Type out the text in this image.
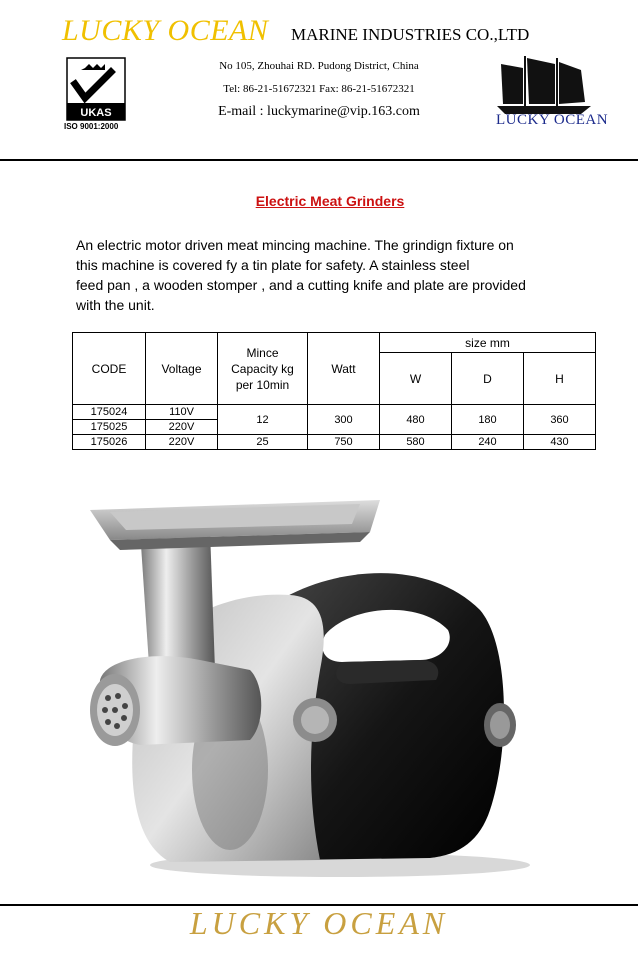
LUCKY OCEAN MARINE INDUSTRIES CO.,LTD
UKAS
ISO 9001:2000
No 105, Zhouhai RD. Pudong District, China
Tel: 86-21-51672321 Fax: 86-21-51672321
E-mail : luckymarine@vip.163.com
LUCKY OCEAN
Electric Meat Grinders
An electric motor driven meat mincing machine. The grindign fixture on
this machine is covered fy a tin plate for safety. A stainless steel
feed pan , a wooden stomper , and a cutting knife and plate are provided
with the unit.
CODE	Voltage	Mince Capacity kg per 10min	Watt	size mm		
				W	D	H
175024	110V	12	300	480	180	360
175025	220V					
175026	220V	25	750	580	240	430
LUCKY OCEAN
